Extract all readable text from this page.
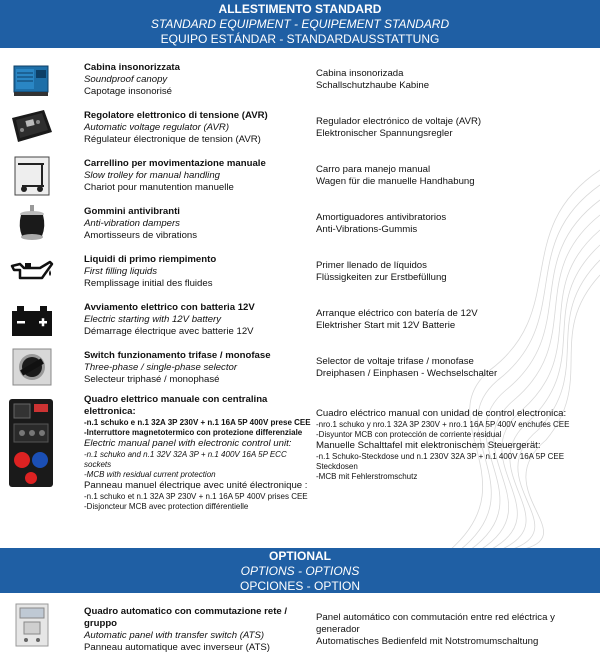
ALLESTIMENTO STANDARD
STANDARD EQUIPMENT - EQUIPEMENT STANDARD
EQUIPO ESTÁNDAR - STANDARDAUSSTATTUNG
Cabina insonorizzata
Soundproof canopy
Capotage insonorisé
Cabina insonorizada
Schallschutzhaube Kabine
Regolatore elettronico di tensione (AVR)
Automatic voltage regulator (AVR)
Régulateur électronique de tension (AVR)
Regulador electrónico de voltaje (AVR)
Elektronischer Spannungsregler
Carrellino per movimentazione manuale
Slow trolley for manual handling
Chariot pour manutention manuelle
Carro para manejo manual
Wagen für die manuelle Handhabung
Gommini antivibranti
Anti-vibration dampers
Amortisseurs de vibrations
Amortiguadores antivibratorios
Anti-Vibrations-Gummis
Liquidi di primo riempimento
First filling liquids
Remplissage initial des fluides
Primer llenado de líquidos
Flüssigkeiten zur Erstbefüllung
Avviamento elettrico con batteria 12V
Electric starting with 12V battery
Démarrage électrique avec batterie 12V
Arranque eléctrico con batería de 12V
Elektrisher Start mit 12V Batterie
Switch funzionamento trifase / monofase
Three-phase / single-phase selector
Selecteur triphasé / monophasé
Selector de voltaje trifase / monofase
Dreiphasen / Einphasen - Wechselschalter
Quadro elettrico manuale con centralina elettronica:
-n.1 schuko e n.1 32A 3P 230V + n.1 16A 5P 400V prese CEE
-Interruttore magnetotermico con protezione differenziale
Electric manual panel with electronic control unit:
-n.1 schuko and n.1 32V 32A 3P + n.1 400V 16A 5P ECC sockets
-MCB with residual current protection
Panneau manuel électrique avec unité électronique :
-n.1 schuko et n.1 32A 3P 230V + n.1 16A 5P 400V prises CEE
-Disjoncteur MCB avec protection différentielle
Cuadro eléctrico manual con unidad de control electronica:
-nro.1 schuko y nro.1 32A 3P 230V + nro.1 16A 5P 400V enchufes CEE
-Disyuntor MCB con protección de corriente residual
Manuelle Schalttafel mit elektronischem Steuergerät:
-n.1 Schuko-Steckdose und n.1 230V 32A 3P + n.1 400V 16A 5P CEE Steckdosen
-MCB mit Fehlerstromschutz
OPTIONAL
OPTIONS - OPTIONS
OPCIONES - OPTION
Quadro automatico con commutazione rete / gruppo
Automatic panel with transfer switch (ATS)
Panneau automatique avec inverseur (ATS)
Panel automático con commutación entre red eléctrica y generador
Automatisches Bedienfeld mit Notstromumschaltung
